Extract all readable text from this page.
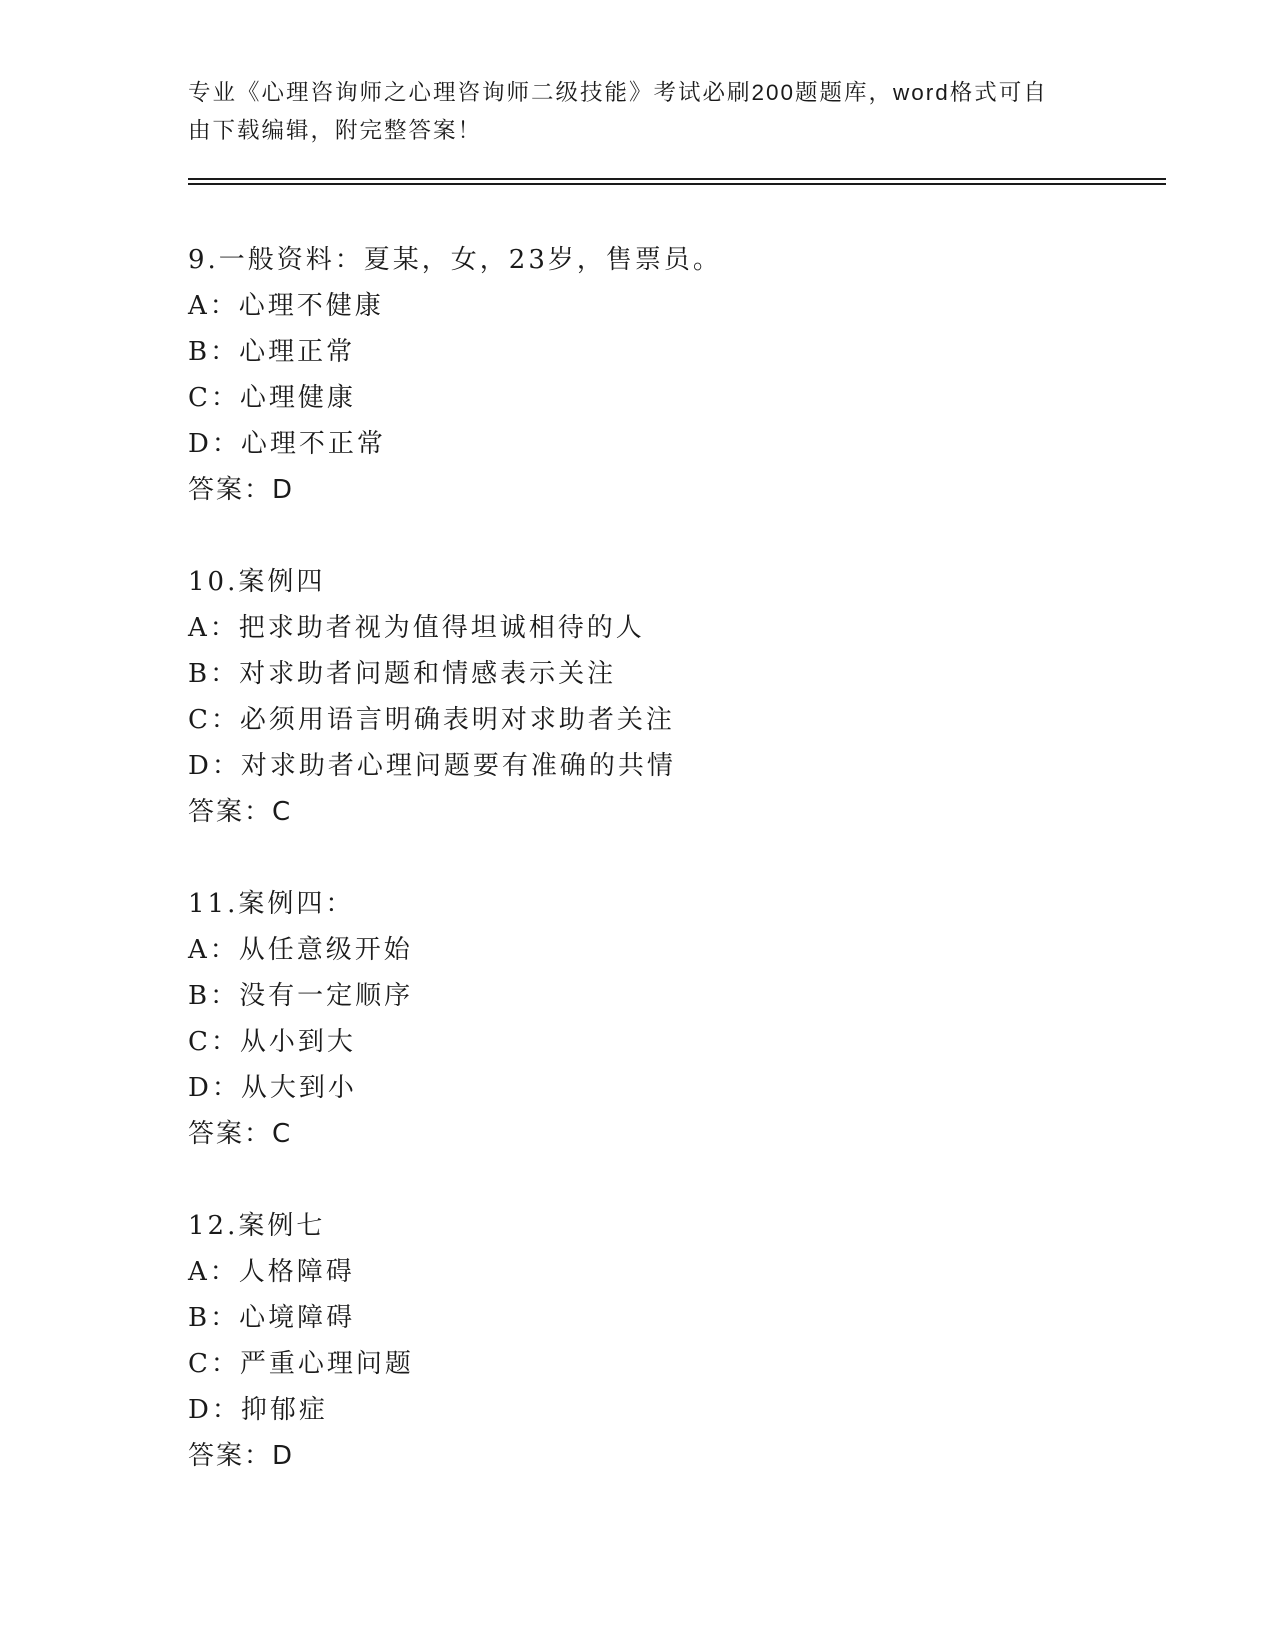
专业《心理咨询师之心理咨询师二级技能》考试必刷200题题库，word格式可自
由下载编辑，附完整答案！
9.一般资料：夏某，女，23岁，售票员。
A：心理不健康
B：心理正常
C：心理健康
D：心理不正常
答案：D
10.案例四
A：把求助者视为值得坦诚相待的人
B：对求助者问题和情感表示关注
C：必须用语言明确表明对求助者关注
D：对求助者心理问题要有准确的共情
答案：C
11.案例四：
A：从任意级开始
B：没有一定顺序
C：从小到大
D：从大到小
答案：C
12.案例七
A：人格障碍
B：心境障碍
C：严重心理问题
D：抑郁症
答案：D
